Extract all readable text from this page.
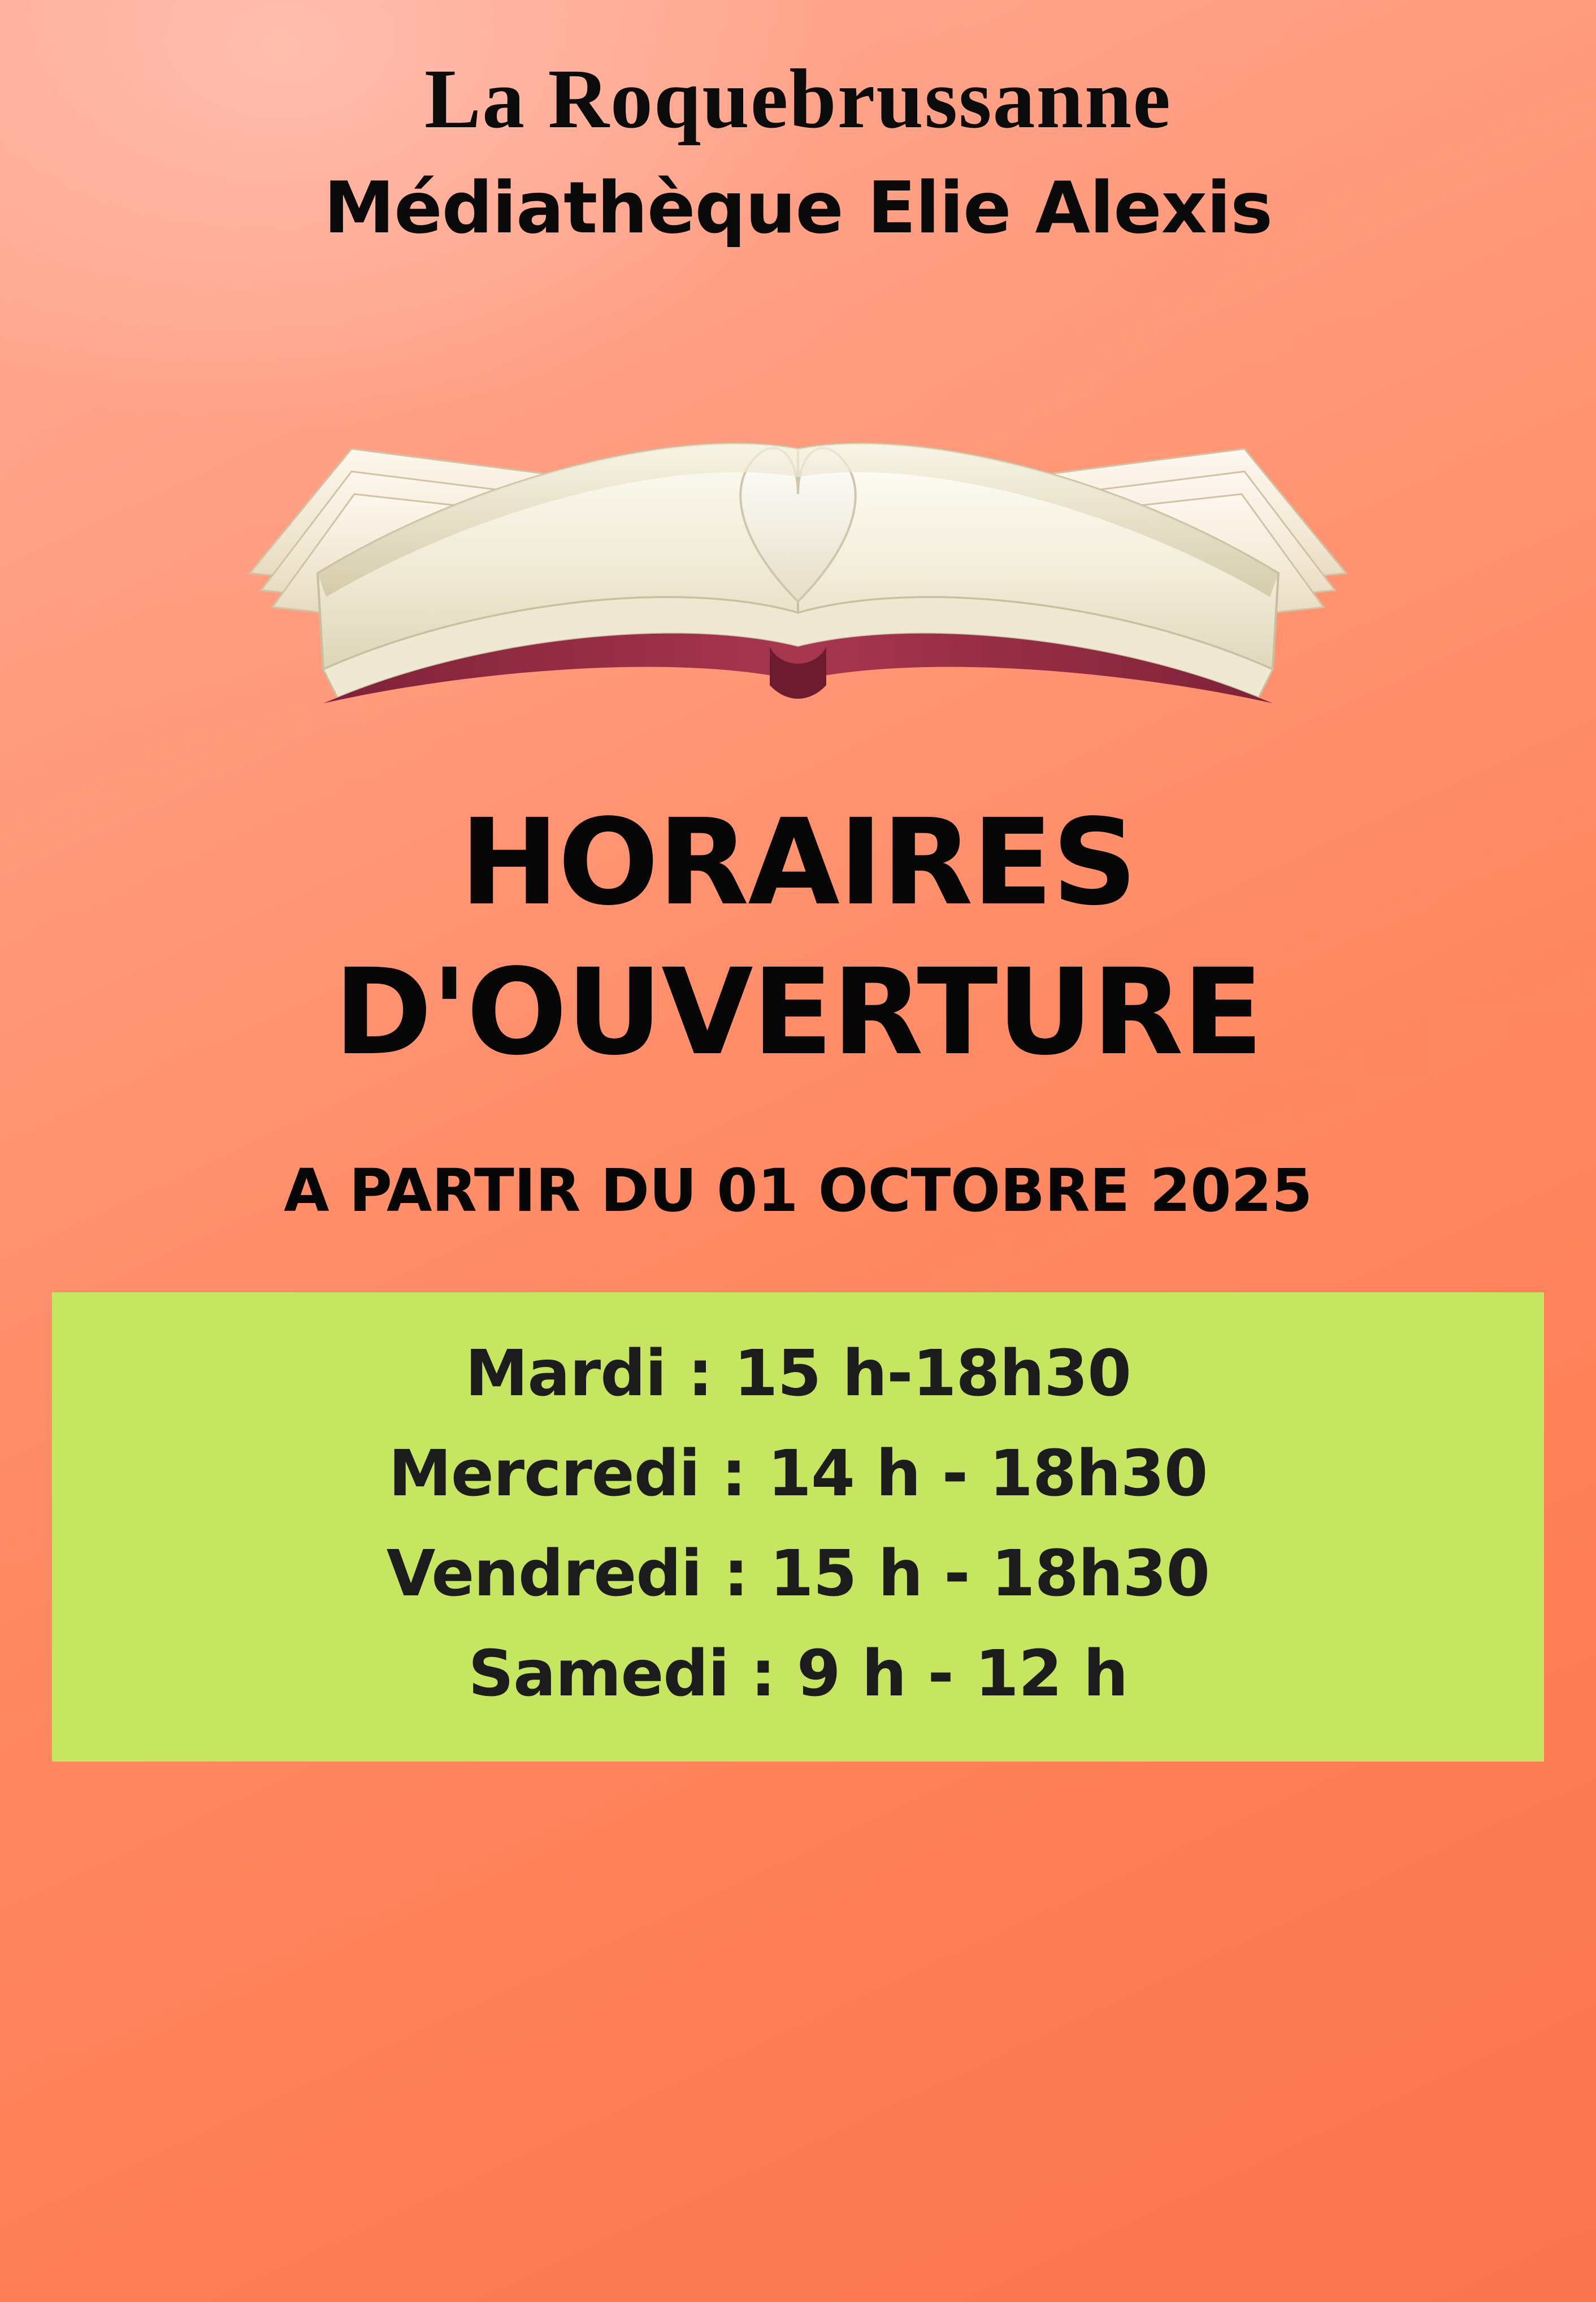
La Roquebrussanne
Médiathèque Elie Alexis
HORAIRES
D'OUVERTURE
A PARTIR DU 01 OCTOBRE 2025
Mardi : 15 h-18h30
Mercredi : 14 h - 18h30
Vendredi : 15 h - 18h30
Samedi : 9 h - 12 h
